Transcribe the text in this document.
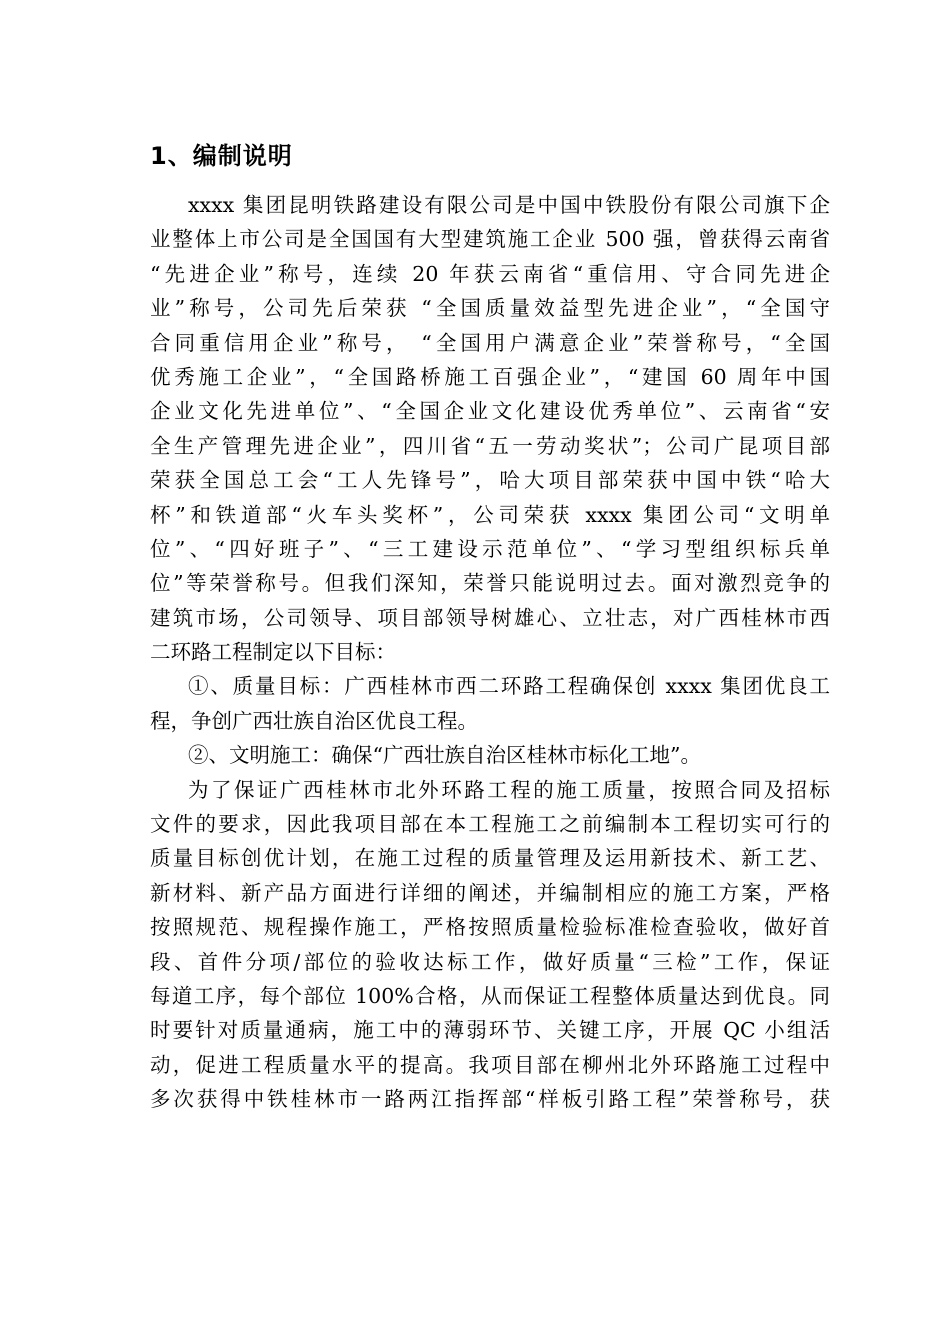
1、编制说明
xxxx 集团昆明铁路建设有限公司是中国中铁股份有限公司旗下企
业整体上市公司是全国国有大型建筑施工企业 500 强，曾获得云南省
“先进企业”称号，连续 20 年获云南省“重信用、守合同先进企
业”称号，公司先后荣获 “全国质量效益型先进企业”，“全国守
合同重信用企业”称号， “全国用户满意企业”荣誉称号，“全国
优秀施工企业”，“全国路桥施工百强企业”，“建国 60 周年中国
企业文化先进单位”、“全国企业文化建设优秀单位”、云南省“安
全生产管理先进企业”，四川省“五一劳动奖状”；公司广昆项目部
荣获全国总工会“工人先锋号”，哈大项目部荣获中国中铁“哈大
杯”和铁道部“火车头奖杯”，公司荣获 xxxx 集团公司“文明单
位”、“四好班子”、“三工建设示范单位”、“学习型组织标兵单
位”等荣誉称号。但我们深知，荣誉只能说明过去。面对激烈竞争的
建筑市场，公司领导、项目部领导树雄心、立壮志，对广西桂林市西
二环路工程制定以下目标：
①、质量目标：广西桂林市西二环路工程确保创 xxxx 集团优良工
程，争创广西壮族自治区优良工程。
②、文明施工：确保“广西壮族自治区桂林市标化工地”。
为了保证广西桂林市北外环路工程的施工质量，按照合同及招标
文件的要求，因此我项目部在本工程施工之前编制本工程切实可行的
质量目标创优计划，在施工过程的质量管理及运用新技术、新工艺、
新材料、新产品方面进行详细的阐述，并编制相应的施工方案，严格
按照规范、规程操作施工，严格按照质量检验标准检查验收，做好首
段、首件分项/部位的验收达标工作，做好质量“三检”工作，保证
每道工序，每个部位 100%合格，从而保证工程整体质量达到优良。同
时要针对质量通病，施工中的薄弱环节、关键工序，开展 QC 小组活
动，促进工程质量水平的提高。我项目部在柳州北外环路施工过程中
多次获得中铁桂林市一路两江指挥部“样板引路工程”荣誉称号，获
